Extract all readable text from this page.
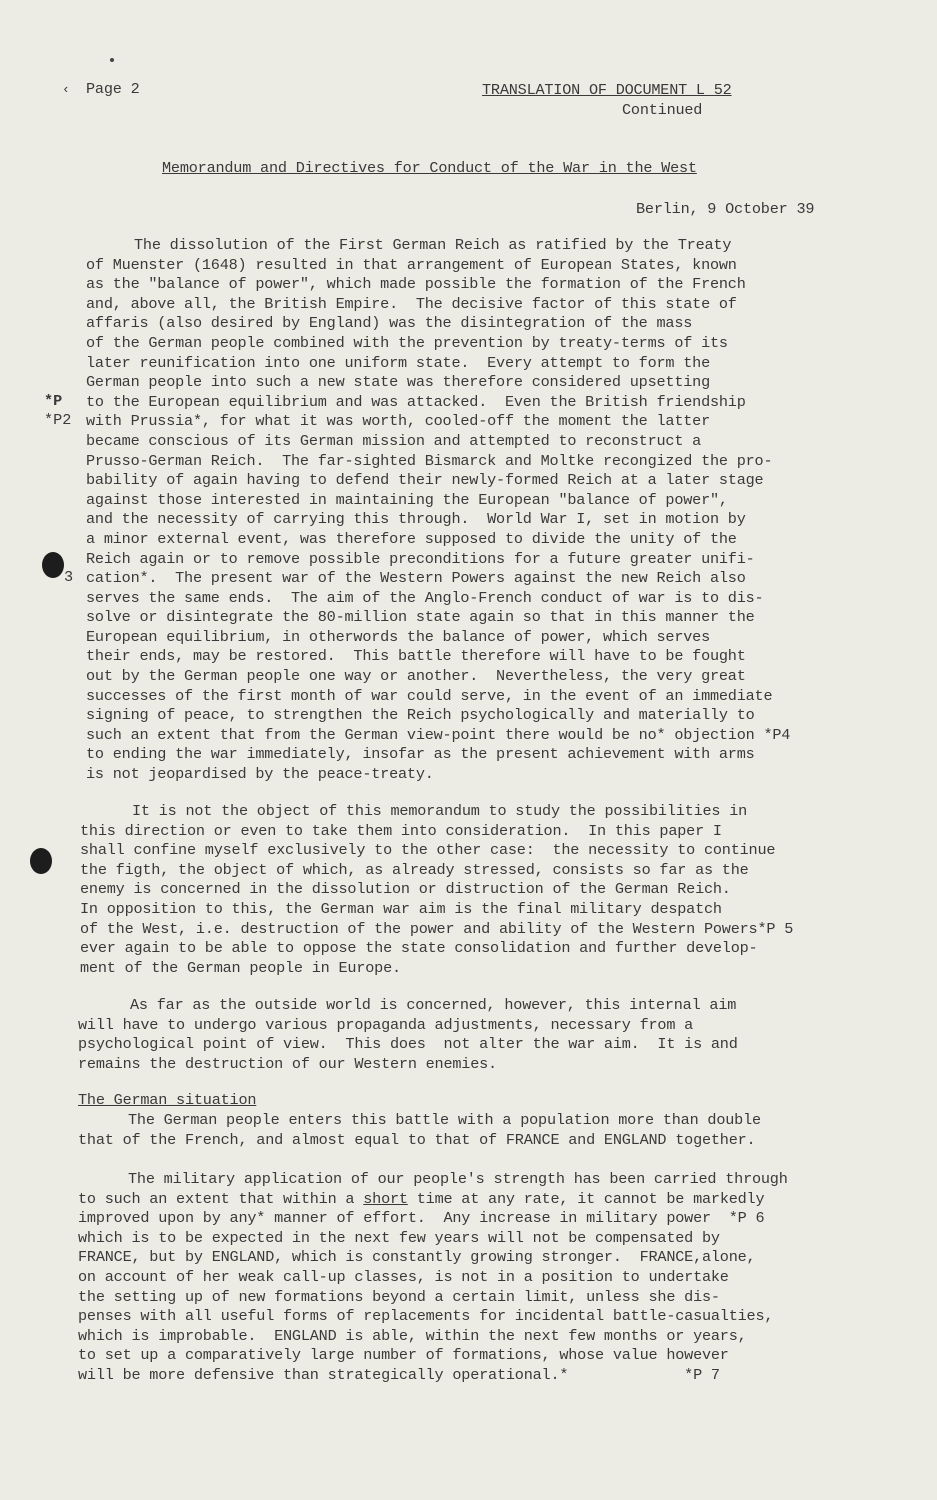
‹ Page 2	TRANSLATION OF DOCUMENT L 52
Continued
Memorandum and Directives for Conduct of the War in the West
Berlin, 9 October 39
The dissolution of the First German Reich as ratified by the Treaty
of Muenster (1648) resulted in that arrangement of European States, known
as the "balance of power", which made possible the formation of the French
and, above all, the British Empire.  The decisive factor of this state of
affaris (also desired by England) was the disintegration of the mass
of the German people combined with the prevention by treaty-terms of its
later reunification into one uniform state.  Every attempt to form the
German people into such a new state was therefore considered upsetting
to the European equilibrium and was attacked.  Even the British friendship
with Prussia*, for what it was worth, cooled-off the moment the latter
became conscious of its German mission and attempted to reconstruct a
Prusso-German Reich.  The far-sighted Bismarck and Moltke recongized the pro-
bability of again having to defend their newly-formed Reich at a later stage
against those interested in maintaining the European "balance of power",
and the necessity of carrying this through.  World War I, set in motion by
a minor external event, was therefore supposed to divide the unity of the
Reich again or to remove possible preconditions for a future greater unifi-
cation*.  The present war of the Western Powers against the new Reich also
serves the same ends.  The aim of the Anglo-French conduct of war is to dis-
solve or disintegrate the 80-million state again so that in this manner the
European equilibrium, in otherwords the balance of power, which serves
their ends, may be restored.  This battle therefore will have to be fought
out by the German people one way or another.  Nevertheless, the very great
successes of the first month of war could serve, in the event of an immediate
signing of peace, to strengthen the Reich psychologically and materially to
such an extent that from the German view-point there would be no* objection *P4
to ending the war immediately, insofar as the present achievement with arms
is not jeopardised by the peace-treaty.
*P
*P2
3
It is not the object of this memorandum to study the possibilities in
this direction or even to take them into consideration.  In this paper I
shall confine myself exclusively to the other case:  the necessity to continue
the figth, the object of which, as already stressed, consists so far as the
enemy is concerned in the dissolution or distruction of the German Reich.
In opposition to this, the German war aim is the final military despatch
of the West, i.e. destruction of the power and ability of the Western Powers*P 5
ever again to be able to oppose the state consolidation and further develop-
ment of the German people in Europe.
As far as the outside world is concerned, however, this internal aim
will have to undergo various propaganda adjustments, necessary from a
psychological point of view.  This does  not alter the war aim.  It is and
remains the destruction of our Western enemies.
The German situation
The German people enters this battle with a population more than double
that of the French, and almost equal to that of FRANCE and ENGLAND together.
The military application of our people's strength has been carried through
to such an extent that within a short time at any rate, it cannot be markedly
improved upon by any* manner of effort.  Any increase in military power  *P 6
which is to be expected in the next few years will not be compensated by
FRANCE, but by ENGLAND, which is constantly growing stronger.  FRANCE,alone,
on account of her weak call-up classes, is not in a position to undertake
the setting up of new formations beyond a certain limit, unless she dis-
penses with all useful forms of replacements for incidental battle-casualties,
which is improbable.  ENGLAND is able, within the next few months or years,
to set up a comparatively large number of formations, whose value however
will be more defensive than strategically operational.*             *P 7
